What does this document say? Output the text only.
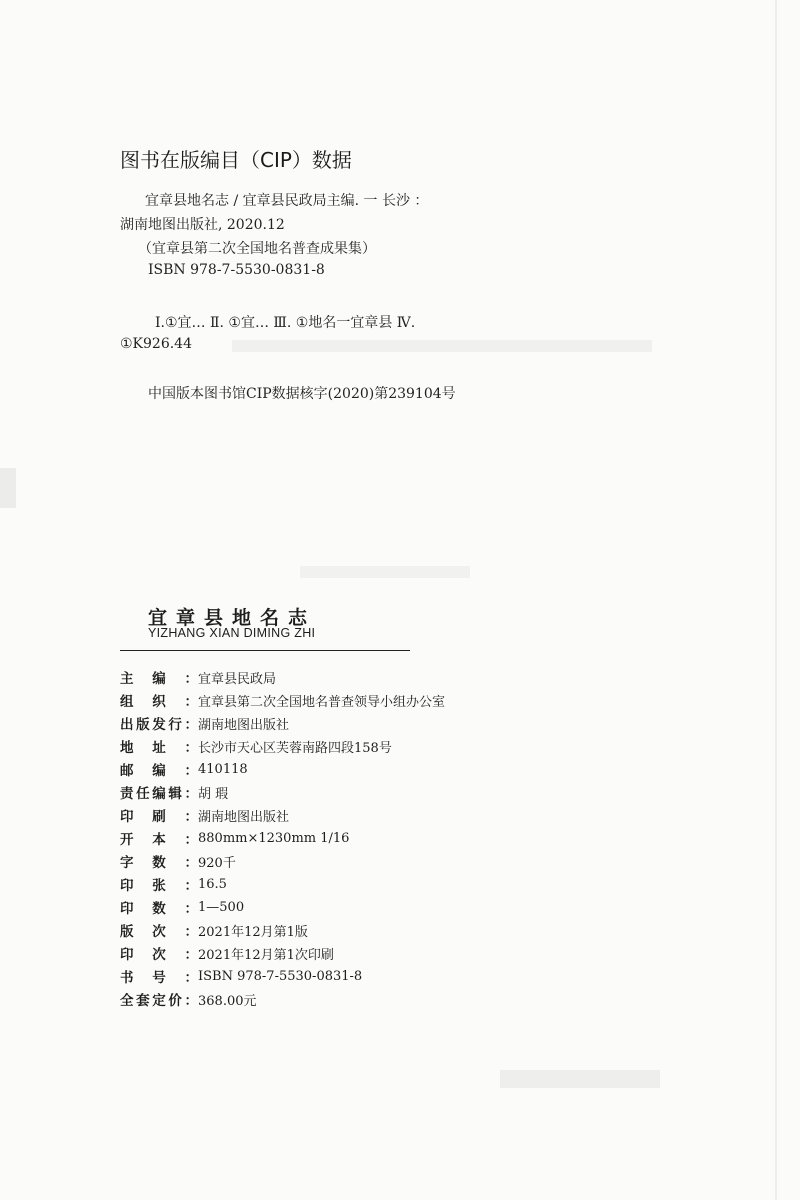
图书在版编目（CIP）数据
宜章县地名志 / 宜章县民政局主编. 一 长沙 ：
湖南地图出版社, 2020.12
（宜章县第二次全国地名普查成果集）
ISBN 978-7-5530-0831-8
Ⅰ.①宜… Ⅱ. ①宜… Ⅲ. ①地名一宜章县 Ⅳ.
①K926.44
中国版本图书馆CIP数据核字(2020)第239104号
宜章县地名志
YIZHANG XIAN DIMING ZHI
主 编 ： 宜章县民政局
组 织 ： 宜章县第二次全国地名普查领导小组办公室
出 版 发 行 ： 湖南地图出版社
地 址 ： 长沙市天心区芙蓉南路四段158号
邮 编 ： 410118
责 任 编 辑 ： 胡 瑕
印 刷 ： 湖南地图出版社
开 本 ： 880mm×1230mm 1/16
字 数 ： 920千
印 张 ： 16.5
印 数 ： 1—500
版 次 ： 2021年12月第1版
印 次 ： 2021年12月第1次印刷
书 号 ： ISBN 978-7-5530-0831-8
全 套 定 价 ： 368.00元
